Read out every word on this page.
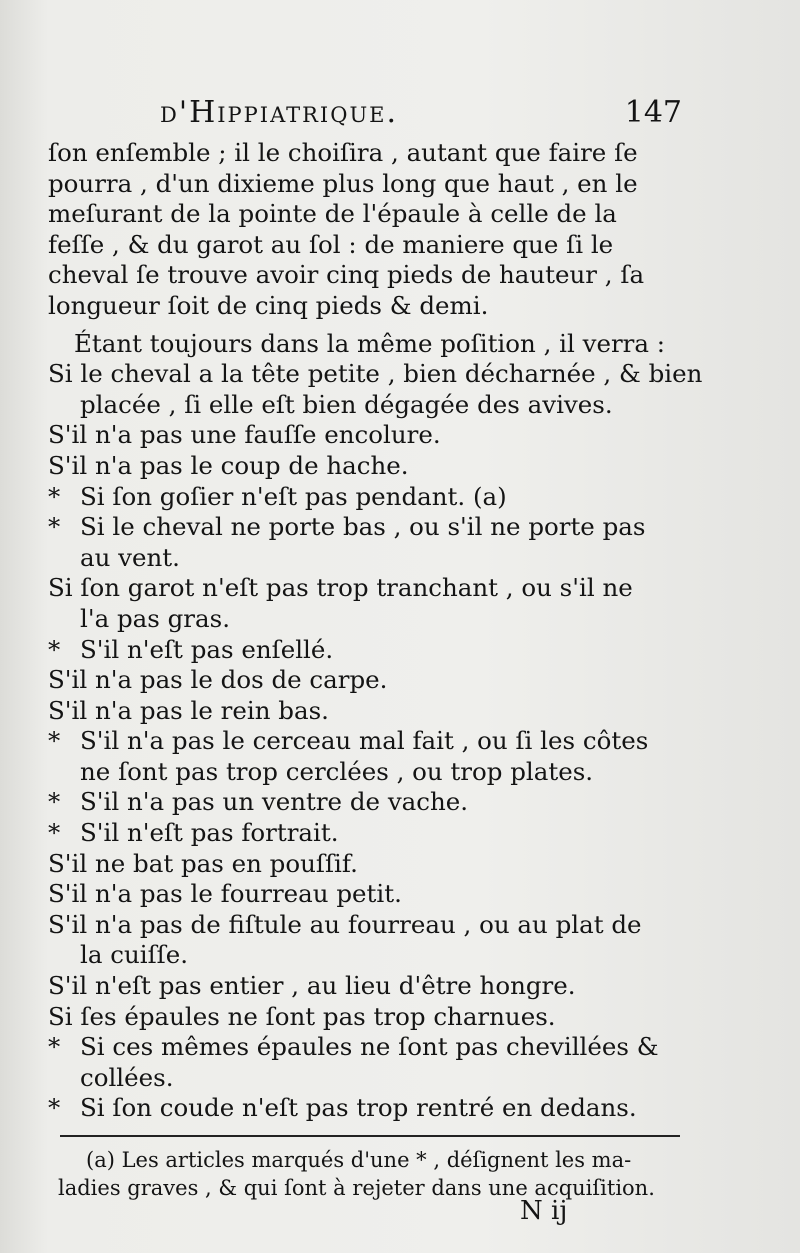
d'Hippiatrique.	147

ſon enſemble ; il le choiſira , autant que faire ſe
pourra , d'un dixieme plus long que haut , en le
meſurant de la pointe de l'épaule à celle de la
feſſe , & du garot au ſol : de maniere que ſi le
cheval ſe trouve avoir cinq pieds de hauteur , ſa
longueur ſoit de cinq pieds & demi.

Étant toujours dans la même poſition , il verra :

Si le cheval a la tête petite , bien décharnée , & bien
placée , ſi elle eſt bien dégagée des avives.
S'il n'a pas une fauſſe encolure.
S'il n'a pas le coup de hache.
* Si ſon goſier n'eſt pas pendant. (a)
* Si le cheval ne porte bas , ou s'il ne porte pas
au vent.
Si ſon garot n'eſt pas trop tranchant , ou s'il ne
l'a pas gras.
* S'il n'eſt pas enſellé.
S'il n'a pas le dos de carpe.
S'il n'a pas le rein bas.
* S'il n'a pas le cerceau mal fait , ou ſi les côtes
ne ſont pas trop cerclées , ou trop plates.
* S'il n'a pas un ventre de vache.
* S'il n'eſt pas fortrait.
S'il ne bat pas en pouſſif.
S'il n'a pas le fourreau petit.
S'il n'a pas de fiſtule au fourreau , ou au plat de
la cuiſſe.
S'il n'eſt pas entier , au lieu d'être hongre.
Si ſes épaules ne ſont pas trop charnues.
* Si ces mêmes épaules ne ſont pas chevillées &
collées.
* Si ſon coude n'eſt pas trop rentré en dedans.
(a) Les articles marqués d'une * , déſignent les ma-
ladies graves , & qui ſont à rejeter dans une acquiſition.
N ij
